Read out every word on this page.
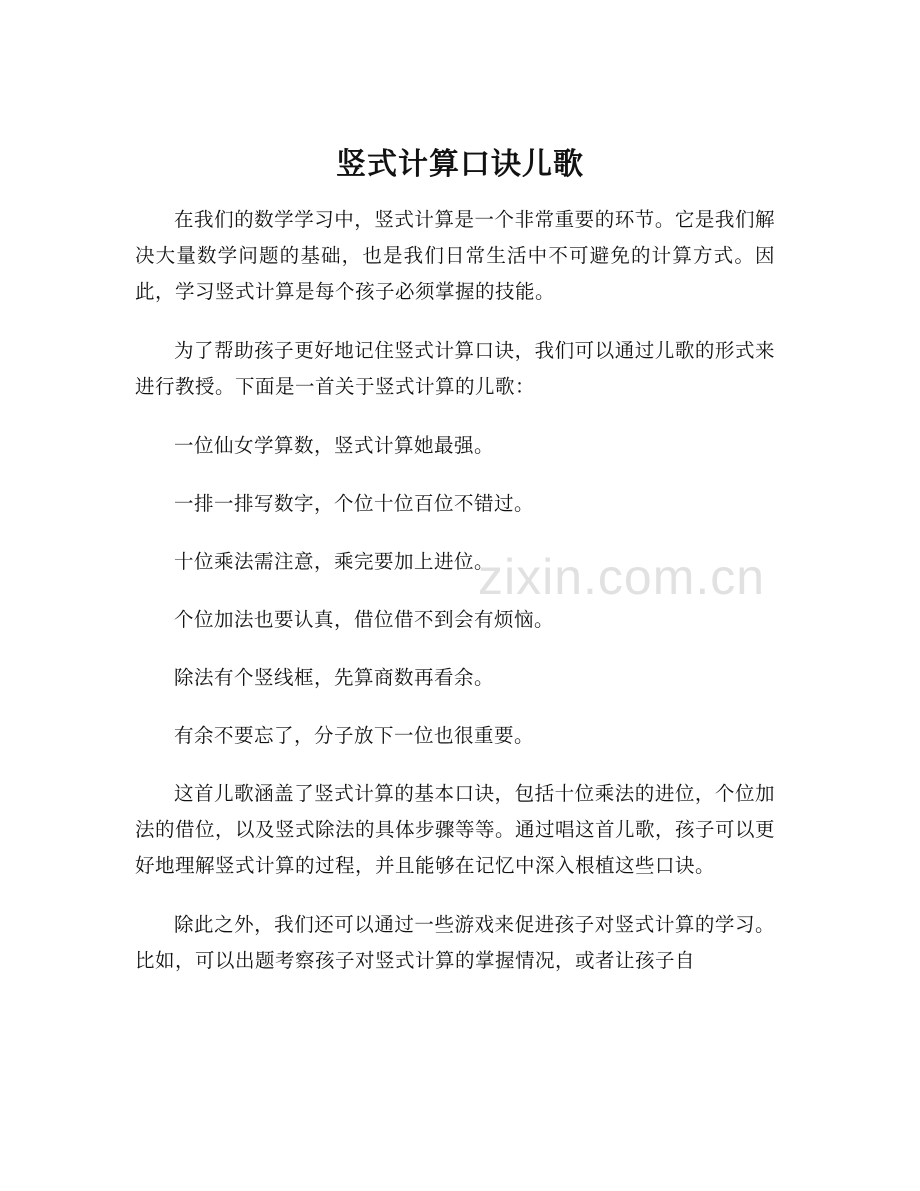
竖式计算口诀儿歌

在我们的数学学习中，竖式计算是一个非常重要的环节。它是我们解决大量数学问题的基础，也是我们日常生活中不可避免的计算方式。因此，学习竖式计算是每个孩子必须掌握的技能。

为了帮助孩子更好地记住竖式计算口诀，我们可以通过儿歌的形式来进行教授。下面是一首关于竖式计算的儿歌：

一位仙女学算数，竖式计算她最强。

一排一排写数字，个位十位百位不错过。

十位乘法需注意，乘完要加上进位。

个位加法也要认真，借位借不到会有烦恼。

除法有个竖线框，先算商数再看余。

有余不要忘了，分子放下一位也很重要。

这首儿歌涵盖了竖式计算的基本口诀，包括十位乘法的进位，个位加法的借位，以及竖式除法的具体步骤等等。通过唱这首儿歌，孩子可以更好地理解竖式计算的过程，并且能够在记忆中深入根植这些口诀。

除此之外，我们还可以通过一些游戏来促进孩子对竖式计算的学习。比如，可以出题考察孩子对竖式计算的掌握情况，或者让孩子自

zixin.com.cn
